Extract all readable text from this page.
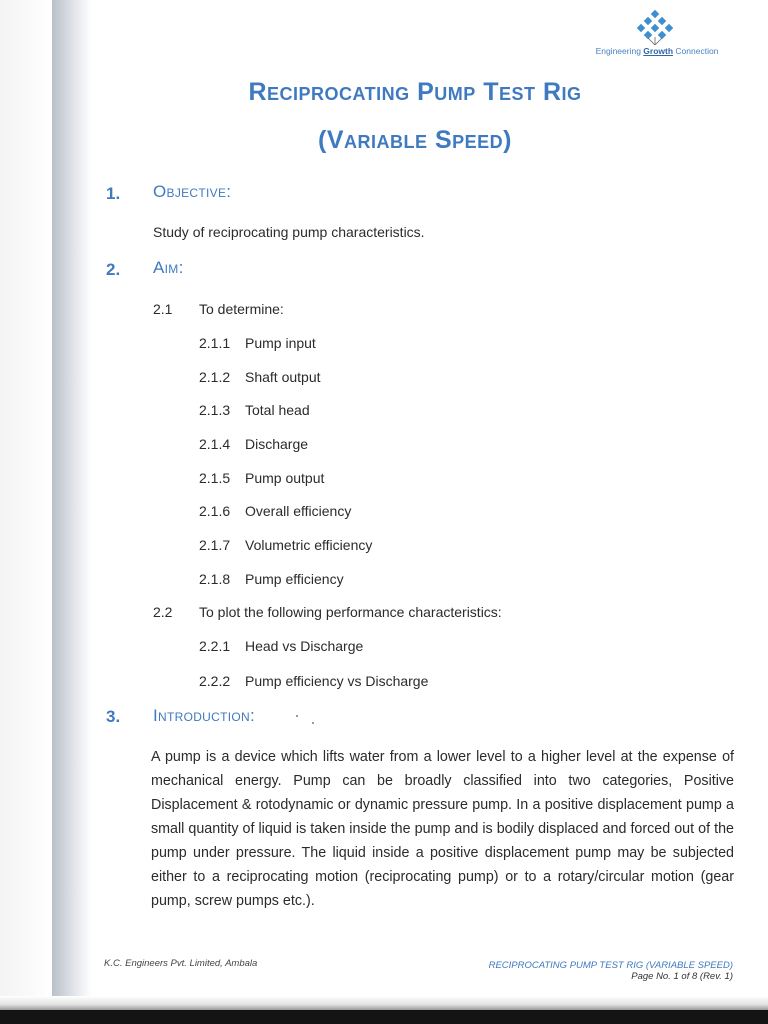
Engineering Growth Connection
Reciprocating Pump Test Rig
(Variable Speed)
1. Objective:
Study of reciprocating pump characteristics.
2. Aim:
2.1 To determine:
2.1.1 Pump input
2.1.2 Shaft output
2.1.3 Total head
2.1.4 Discharge
2.1.5 Pump output
2.1.6 Overall efficiency
2.1.7 Volumetric efficiency
2.1.8 Pump efficiency
2.2 To plot the following performance characteristics:
2.2.1 Head vs Discharge
2.2.2 Pump efficiency vs Discharge
3. Introduction:
A pump is a device which lifts water from a lower level to a higher level at the expense of mechanical energy. Pump can be broadly classified into two categories, Positive Displacement & rotodynamic or dynamic pressure pump. In a positive displacement pump a small quantity of liquid is taken inside the pump and is bodily displaced and forced out of the pump under pressure. The liquid inside a positive displacement pump may be subjected either to a reciprocating motion (reciprocating pump) or to a rotary/circular motion (gear pump, screw pumps etc.).
K.C. Engineers Pvt. Limited, Ambala	RECIPROCATING PUMP TEST RIG (VARIABLE SPEED)
Page No. 1 of 8 (Rev. 1)
